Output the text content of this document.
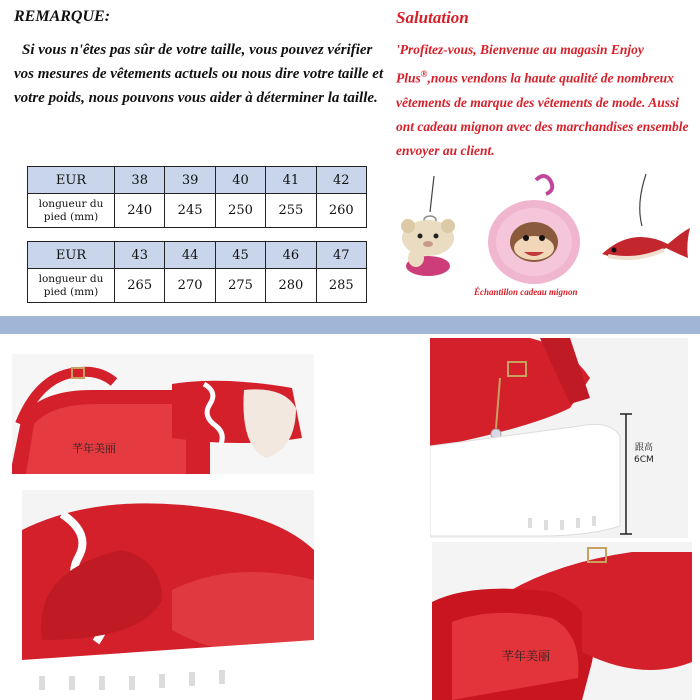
REMARQUE:
Si vous n'êtes pas sûr de votre taille, vous pouvez vérifier vos mesures de vêtements actuels ou nous dire votre taille et votre poids, nous pouvons vous aider à déterminer la taille.
Salutation
'Profitez-vous, Bienvenue au magasin Enjoy Plus®,nous vendons la haute qualité de nombreux vêtements de marque des vêtements de mode. Aussi ont cadeau mignon avec des marchandises ensemble envoyer au client.
EUR	38	39	40	41	42
longueur du pied (mm)	240	245	250	255	260
EUR	43	44	45	46	47
longueur du pied (mm)	265	270	275	280	285	Échantillon cadeau mignon
芊年美丽	跟高
6CM
芊年美丽
